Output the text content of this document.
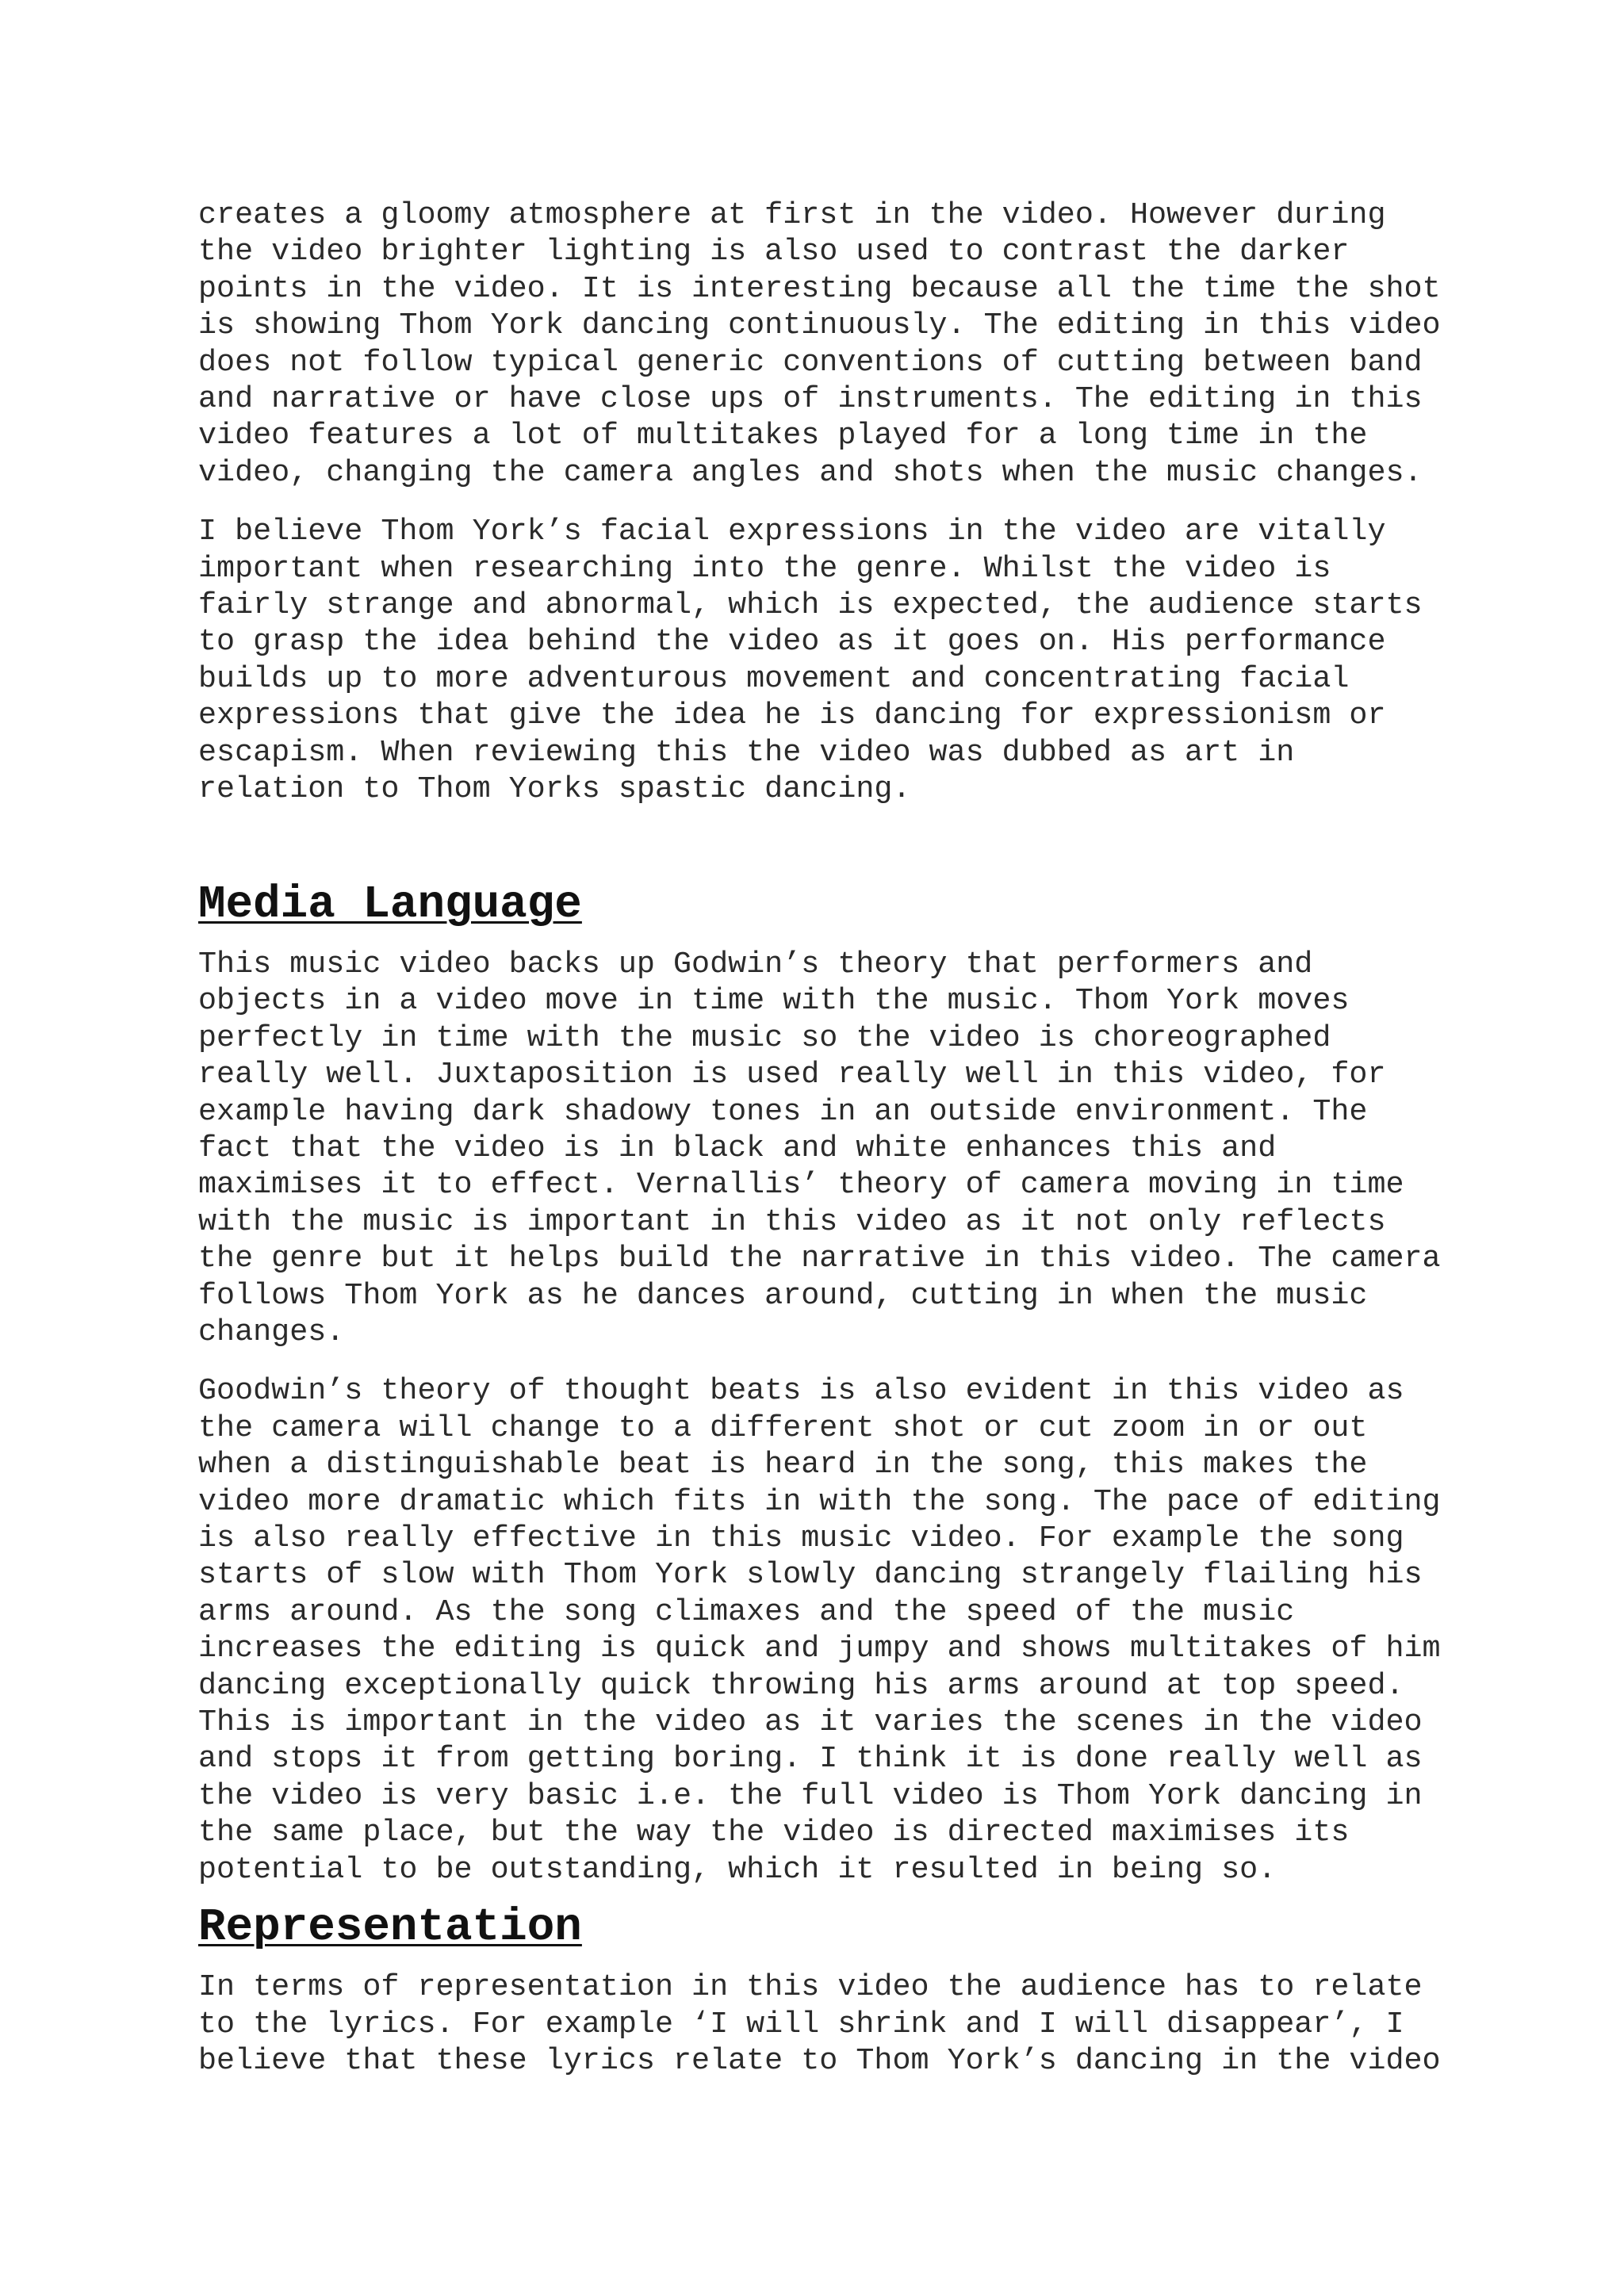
creates a gloomy atmosphere at first in the video. However during
the video brighter lighting is also used to contrast the darker
points in the video. It is interesting because all the time the shot
is showing Thom York dancing continuously. The editing in this video
does not follow typical generic conventions of cutting between band
and narrative or have close ups of instruments. The editing in this
video features a lot of multitakes played for a long time in the
video, changing the camera angles and shots when the music changes.

I believe Thom York’s facial expressions in the video are vitally
important when researching into the genre. Whilst the video is
fairly strange and abnormal, which is expected, the audience starts
to grasp the idea behind the video as it goes on. His performance
builds up to more adventurous movement and concentrating facial
expressions that give the idea he is dancing for expressionism or
escapism. When reviewing this the video was dubbed as art in
relation to Thom Yorks spastic dancing.

Media Language

This music video backs up Godwin’s theory that performers and
objects in a video move in time with the music. Thom York moves
perfectly in time with the music so the video is choreographed
really well. Juxtaposition is used really well in this video, for
example having dark shadowy tones in an outside environment. The
fact that the video is in black and white enhances this and
maximises it to effect. Vernallis’ theory of camera moving in time
with the music is important in this video as it not only reflects
the genre but it helps build the narrative in this video. The camera
follows Thom York as he dances around, cutting in when the music
changes.

Goodwin’s theory of thought beats is also evident in this video as
the camera will change to a different shot or cut zoom in or out
when a distinguishable beat is heard in the song, this makes the
video more dramatic which fits in with the song. The pace of editing
is also really effective in this music video. For example the song
starts of slow with Thom York slowly dancing strangely flailing his
arms around. As the song climaxes and the speed of the music
increases the editing is quick and jumpy and shows multitakes of him
dancing exceptionally quick throwing his arms around at top speed.
This is important in the video as it varies the scenes in the video
and stops it from getting boring. I think it is done really well as
the video is very basic i.e. the full video is Thom York dancing in
the same place, but the way the video is directed maximises its
potential to be outstanding, which it resulted in being so.

Representation

In terms of representation in this video the audience has to relate
to the lyrics. For example ‘I will shrink and I will disappear’, I
believe that these lyrics relate to Thom York’s dancing in the video
